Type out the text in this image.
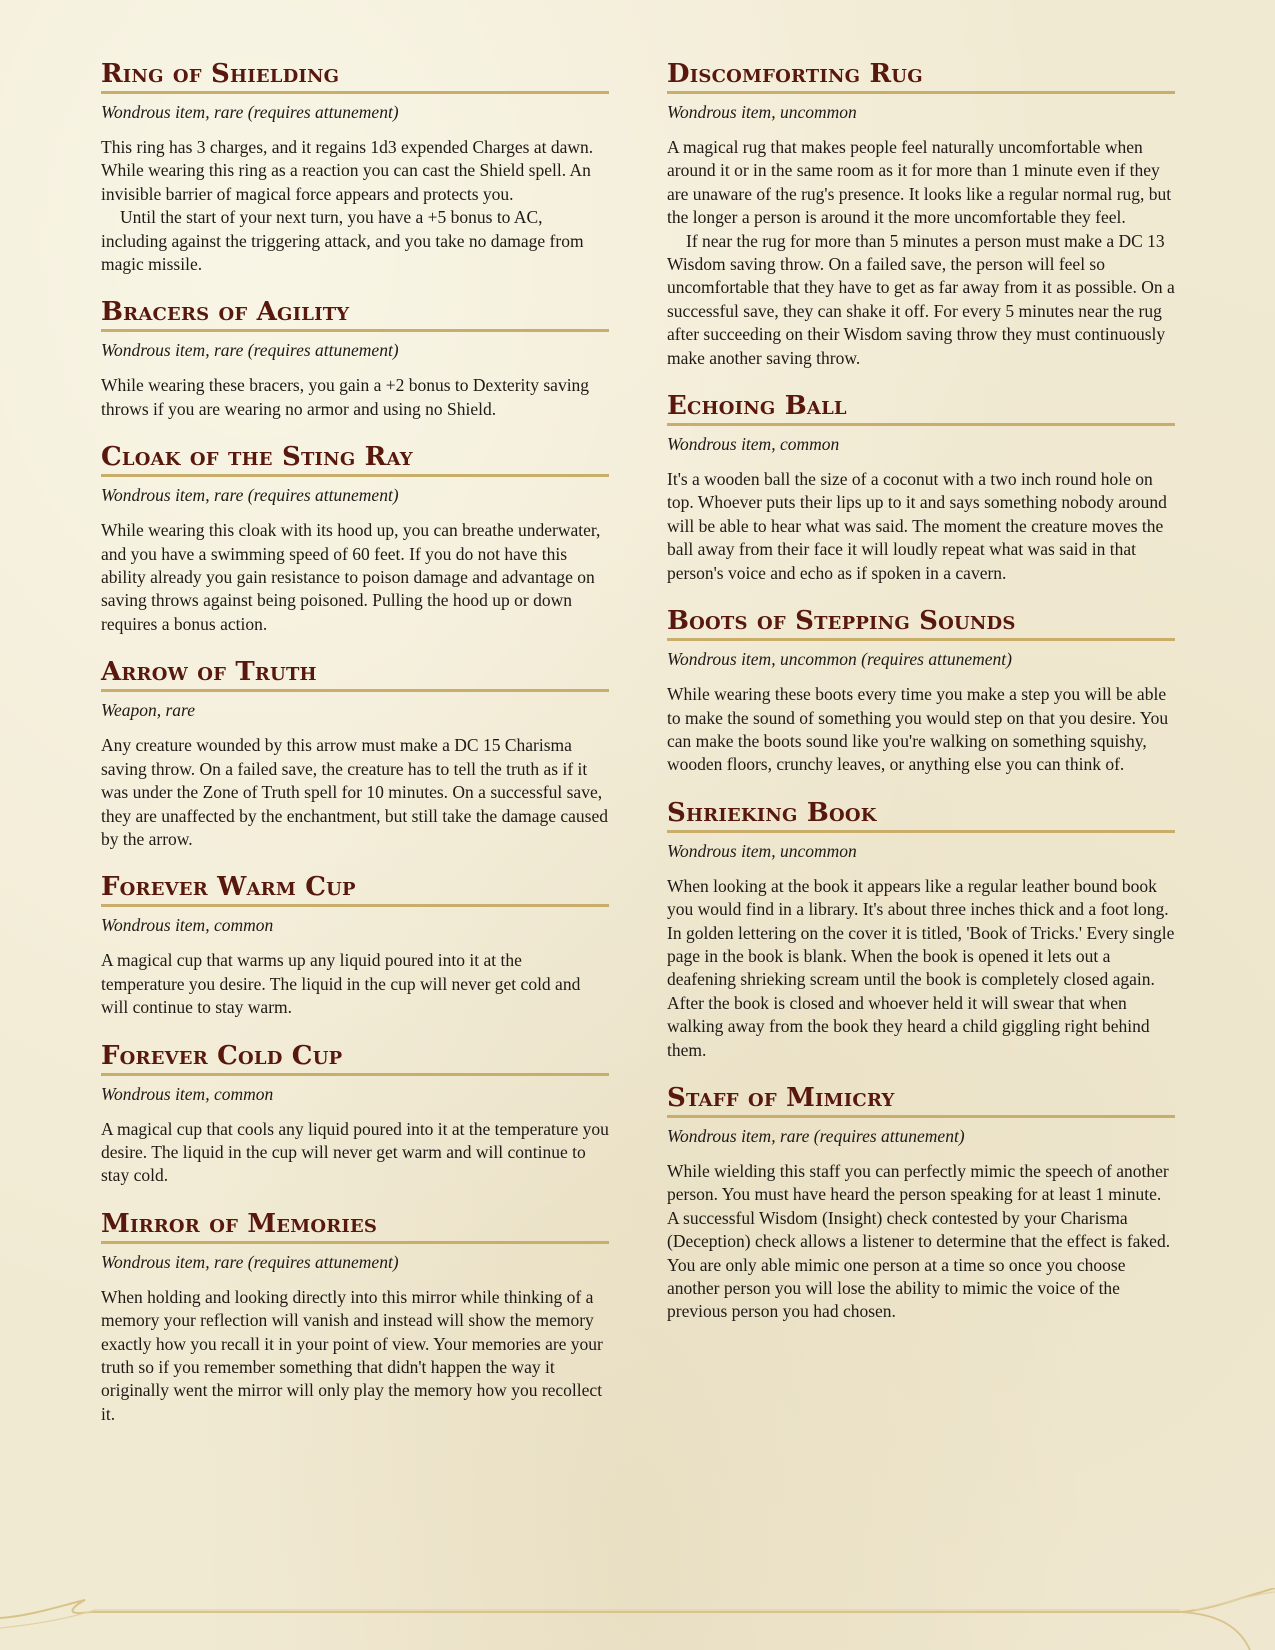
Ring of Shielding
Wondrous item, rare (requires attunement)

This ring has 3 charges, and it regains 1d3 expended Charges at dawn. While wearing this ring as a reaction you can cast the Shield spell. An invisible barrier of magical force appears and protects you.

Until the start of your next turn, you have a +5 bonus to AC, including against the triggering attack, and you take no damage from magic missile.

Bracers of Agility
Wondrous item, rare (requires attunement)

While wearing these bracers, you gain a +2 bonus to Dexterity saving throws if you are wearing no armor and using no Shield.

Cloak of the Sting Ray
Wondrous item, rare (requires attunement)

While wearing this cloak with its hood up, you can breathe underwater, and you have a swimming speed of 60 feet. If you do not have this ability already you gain resistance to poison damage and advantage on saving throws against being poisoned. Pulling the hood up or down requires a bonus action.

Arrow of Truth
Weapon, rare

Any creature wounded by this arrow must make a DC 15 Charisma saving throw. On a failed save, the creature has to tell the truth as if it was under the Zone of Truth spell for 10 minutes. On a successful save, they are unaffected by the enchantment, but still take the damage caused by the arrow.

Forever Warm Cup
Wondrous item, common

A magical cup that warms up any liquid poured into it at the temperature you desire. The liquid in the cup will never get cold and will continue to stay warm.

Forever Cold Cup
Wondrous item, common

A magical cup that cools any liquid poured into it at the temperature you desire. The liquid in the cup will never get warm and will continue to stay cold.

Mirror of Memories
Wondrous item, rare (requires attunement)

When holding and looking directly into this mirror while thinking of a memory your reflection will vanish and instead will show the memory exactly how you recall it in your point of view. Your memories are your truth so if you remember something that didn't happen the way it originally went the mirror will only play the memory how you recollect it.

Discomforting Rug
Wondrous item, uncommon

A magical rug that makes people feel naturally uncomfortable when around it or in the same room as it for more than 1 minute even if they are unaware of the rug's presence. It looks like a regular normal rug, but the longer a person is around it the more uncomfortable they feel.

If near the rug for more than 5 minutes a person must make a DC 13 Wisdom saving throw. On a failed save, the person will feel so uncomfortable that they have to get as far away from it as possible. On a successful save, they can shake it off. For every 5 minutes near the rug after succeeding on their Wisdom saving throw they must continuously make another saving throw.

Echoing Ball
Wondrous item, common

It's a wooden ball the size of a coconut with a two inch round hole on top. Whoever puts their lips up to it and says something nobody around will be able to hear what was said. The moment the creature moves the ball away from their face it will loudly repeat what was said in that person's voice and echo as if spoken in a cavern.

Boots of Stepping Sounds
Wondrous item, uncommon (requires attunement)

While wearing these boots every time you make a step you will be able to make the sound of something you would step on that you desire. You can make the boots sound like you're walking on something squishy, wooden floors, crunchy leaves, or anything else you can think of.

Shrieking Book
Wondrous item, uncommon

When looking at the book it appears like a regular leather bound book you would find in a library. It's about three inches thick and a foot long. In golden lettering on the cover it is titled, 'Book of Tricks.' Every single page in the book is blank. When the book is opened it lets out a deafening shrieking scream until the book is completely closed again. After the book is closed and whoever held it will swear that when walking away from the book they heard a child giggling right behind them.

Staff of Mimicry
Wondrous item, rare (requires attunement)

While wielding this staff you can perfectly mimic the speech of another person. You must have heard the person speaking for at least 1 minute. A successful Wisdom (Insight) check contested by your Charisma (Deception) check allows a listener to determine that the effect is faked. You are only able mimic one person at a time so once you choose another person you will lose the ability to mimic the voice of the previous person you had chosen.
